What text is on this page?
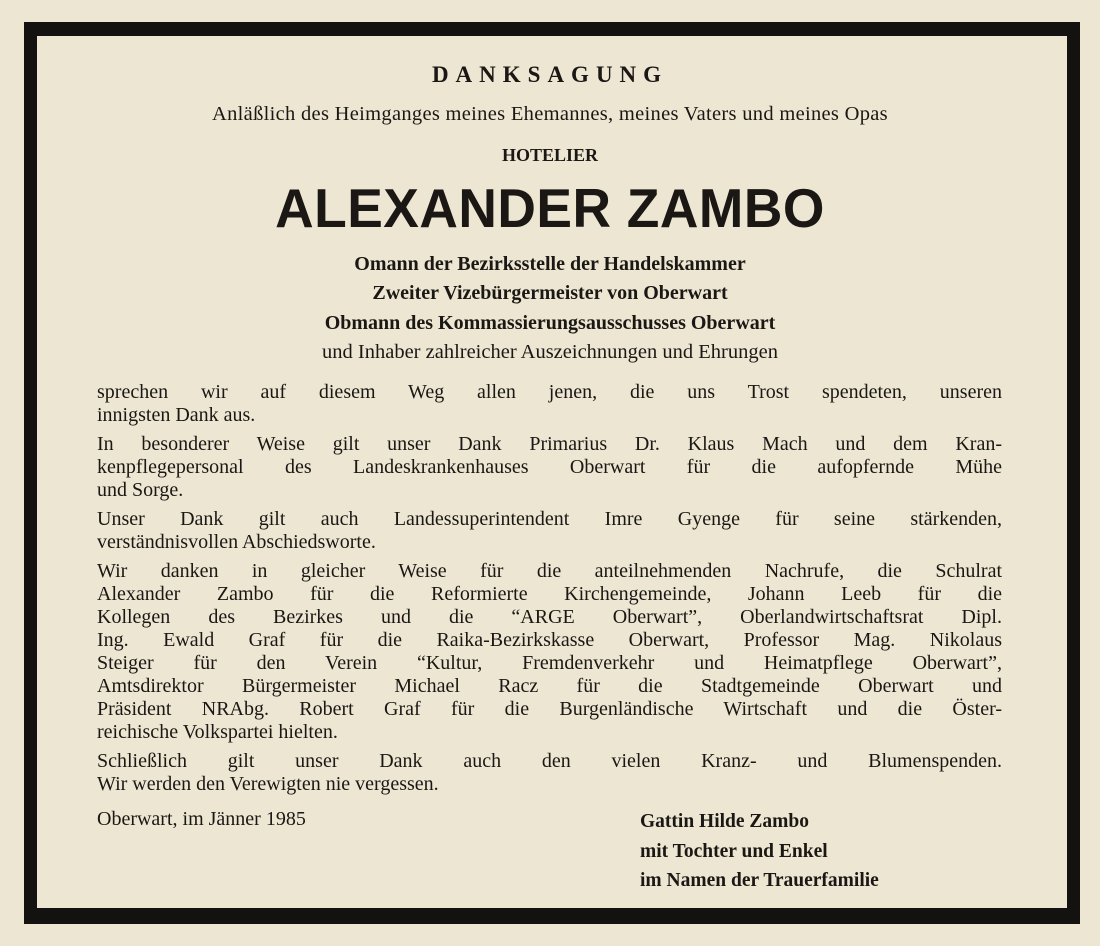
DANKSAGUNG
Anläßlich des Heimganges meines Ehemannes, meines Vaters und meines Opas
HOTELIER
ALEXANDER ZAMBO
Omann der Bezirksstelle der Handelskammer
Zweiter Vizebürgermeister von Oberwart
Obmann des Kommassierungsausschusses Oberwart
und Inhaber zahlreicher Auszeichnungen und Ehrungen
sprechen wir auf diesem Weg allen jenen, die uns Trost spendeten, unseren
innigsten Dank aus.
In besonderer Weise gilt unser Dank Primarius Dr. Klaus Mach und dem Kran-
kenpflegepersonal des Landeskrankenhauses Oberwart für die aufopfernde Mühe
und Sorge.
Unser Dank gilt auch Landessuperintendent Imre Gyenge für seine stärkenden,
verständnisvollen Abschiedsworte.
Wir danken in gleicher Weise für die anteilnehmenden Nachrufe, die Schulrat
Alexander Zambo für die Reformierte Kirchengemeinde, Johann Leeb für die
Kollegen des Bezirkes und die “ARGE Oberwart”, Oberlandwirtschaftsrat Dipl.
Ing. Ewald Graf für die Raika-Bezirkskasse Oberwart, Professor Mag. Nikolaus
Steiger für den Verein “Kultur, Fremdenverkehr und Heimatpflege Oberwart”,
Amtsdirektor Bürgermeister Michael Racz für die Stadtgemeinde Oberwart und
Präsident NRAbg. Robert Graf für die Burgenländische Wirtschaft und die Öster-
reichische Volkspartei hielten.
Schließlich gilt unser Dank auch den vielen Kranz- und Blumenspenden.
Wir werden den Verewigten nie vergessen.
Oberwart, im Jänner 1985	Gattin Hilde Zambo
mit Tochter und Enkel
im Namen der Trauerfamilie
